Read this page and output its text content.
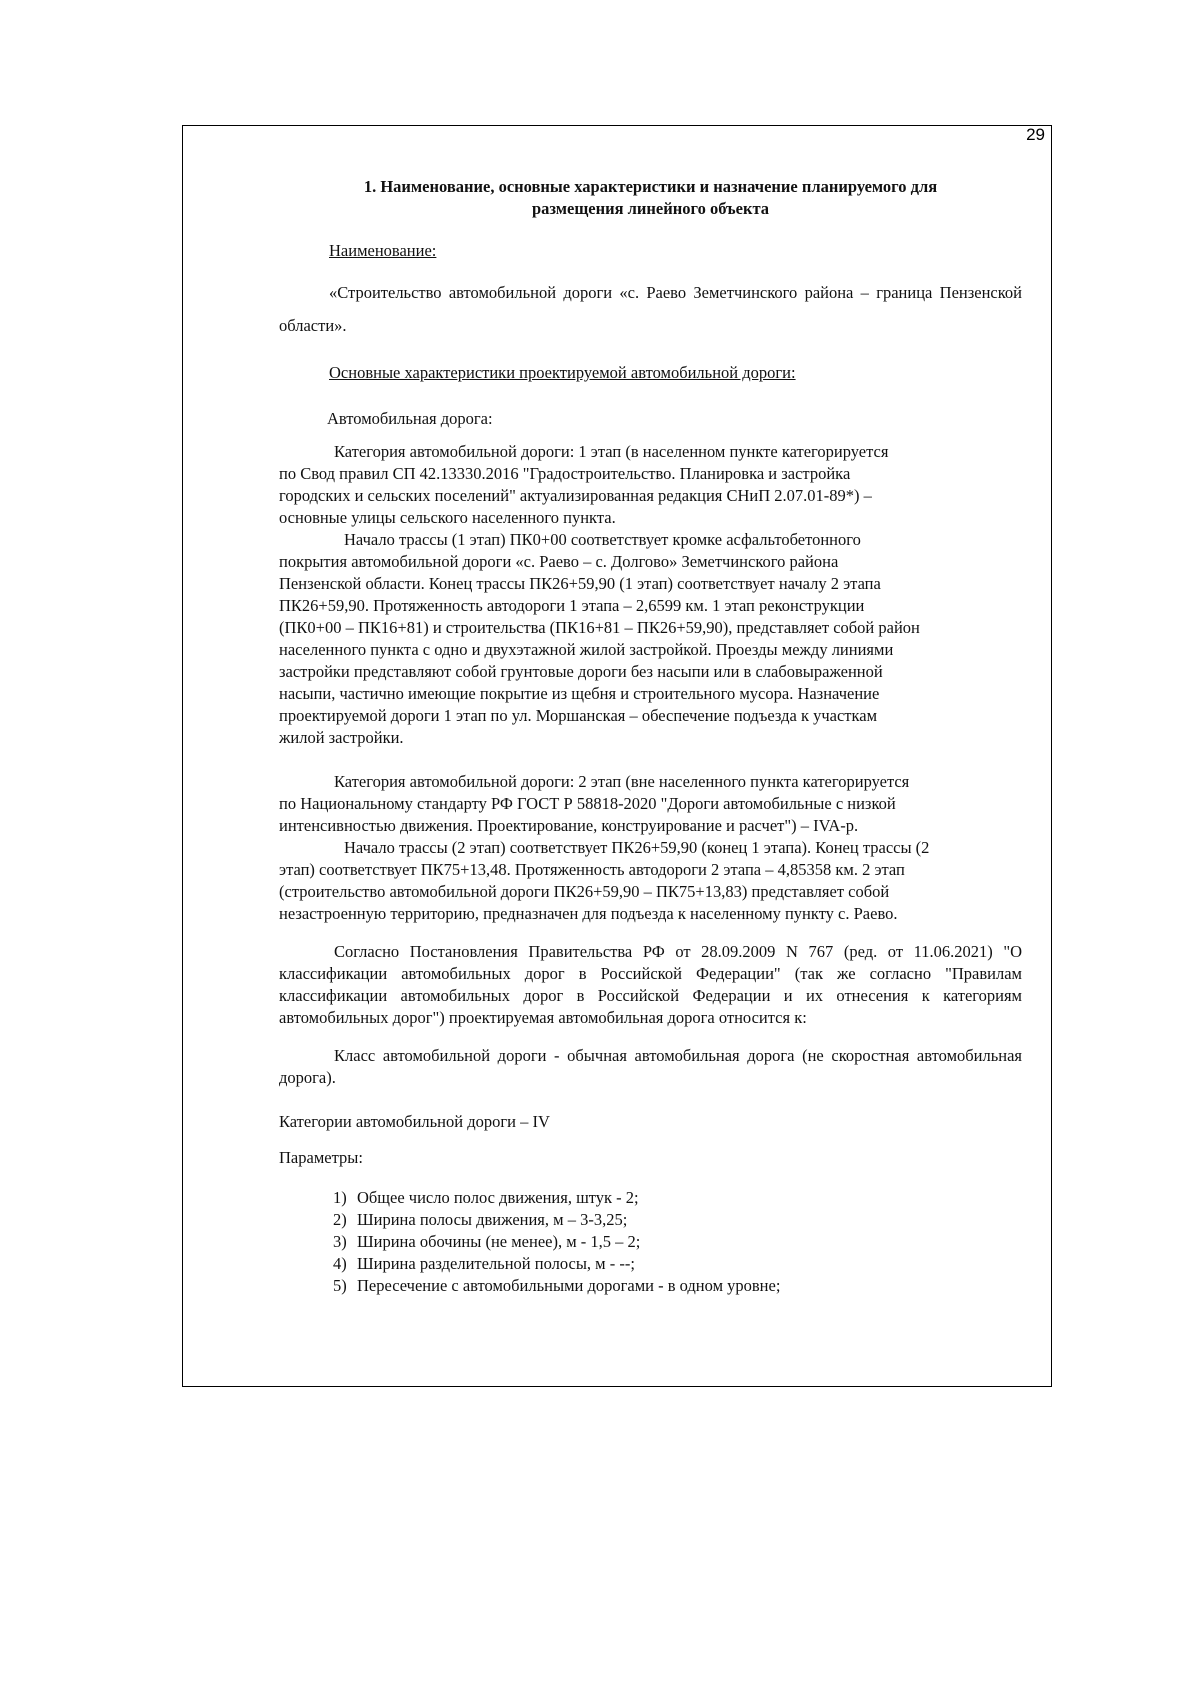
29
1. Наименование, основные характеристики и назначение планируемого для
размещения линейного объекта
Наименование:
«Строительство автомобильной дороги «с. Раево Земетчинского района – граница Пензенской области».
Основные характеристики проектируемой автомобильной дороги:
Автомобильная дорога:
Категория автомобильной дороги: 1 этап (в населенном пункте категорируется
по Свод правил СП 42.13330.2016 "Градостроительство. Планировка и застройка
городских и сельских поселений" актуализированная редакция СНиП 2.07.01-89*) –
основные улицы сельского населенного пункта.
Начало трассы (1 этап) ПК0+00 соответствует кромке асфальтобетонного
покрытия автомобильной дороги «с. Раево – с. Долгово» Земетчинского района
Пензенской области. Конец трассы ПК26+59,90 (1 этап) соответствует началу 2 этапа
ПК26+59,90. Протяженность автодороги 1 этапа – 2,6599 км. 1 этап реконструкции
(ПК0+00 – ПК16+81) и строительства (ПК16+81 – ПК26+59,90), представляет собой район
населенного пункта с одно и двухэтажной жилой застройкой. Проезды между линиями
застройки представляют собой грунтовые дороги без насыпи или в слабовыраженной
насыпи, частично имеющие покрытие из щебня и строительного мусора. Назначение
проектируемой дороги 1 этап по ул. Моршанская – обеспечение подъезда к участкам
жилой застройки.
Категория автомобильной дороги: 2 этап (вне населенного пункта категорируется
по Национальному стандарту РФ ГОСТ Р 58818-2020 "Дороги автомобильные с низкой
интенсивностью движения. Проектирование, конструирование и расчет") – IVA-р.
Начало трассы (2 этап) соответствует ПК26+59,90 (конец 1 этапа). Конец трассы (2
этап) соответствует ПК75+13,48. Протяженность автодороги 2 этапа – 4,85358 км. 2 этап
(строительство автомобильной дороги ПК26+59,90 – ПК75+13,83) представляет собой
незастроенную территорию, предназначен для подъезда к населенному пункту с. Раево.
Согласно Постановления Правительства РФ от 28.09.2009 N 767 (ред. от 11.06.2021) "О классификации автомобильных дорог в Российской Федерации" (так же согласно "Правилам классификации автомобильных дорог в Российской Федерации и их отнесения к категориям автомобильных дорог") проектируемая автомобильная дорога относится к:
Класс автомобильной дороги - обычная автомобильная дорога (не скоростная автомобильная дорога).
Категории автомобильной дороги – IV
Параметры:
1) Общее число полос движения, штук - 2;
2) Ширина полосы движения, м – 3-3,25;
3) Ширина обочины (не менее), м - 1,5 – 2;
4) Ширина разделительной полосы, м - --;
5) Пересечение с автомобильными дорогами - в одном уровне;
